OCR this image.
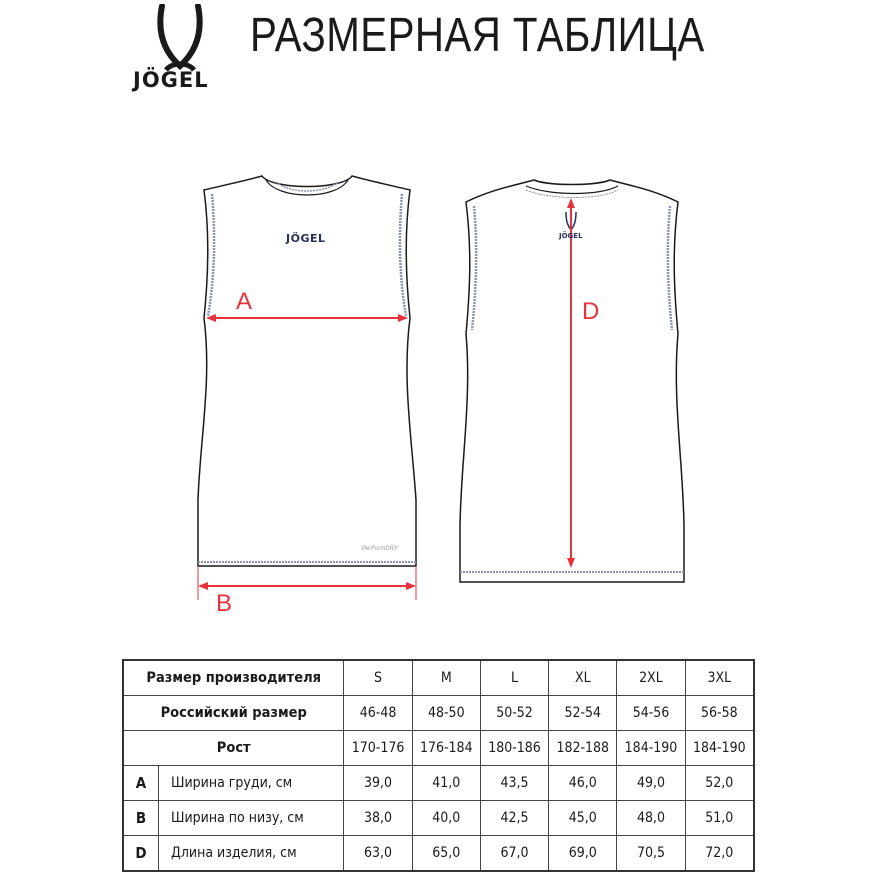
JÖGEL
РАЗМЕРНАЯ ТАБЛИЦА
JÖGEL	JÖGEL
PerFormDRY
A
B
D
Размер производителя		S	M	L	XL	2XL	3XL
Российский размер		46-48	48-50	50-52	52-54	54-56	56-58
Рост		170-176	176-184	180-186	182-188	184-190	184-190
A	Ширина груди, см	39,0	41,0	43,5	46,0	49,0	52,0
B	Ширина по низу, см	38,0	40,0	42,5	45,0	48,0	51,0
D	Длина изделия, см	63,0	65,0	67,0	69,0	70,5	72,0
